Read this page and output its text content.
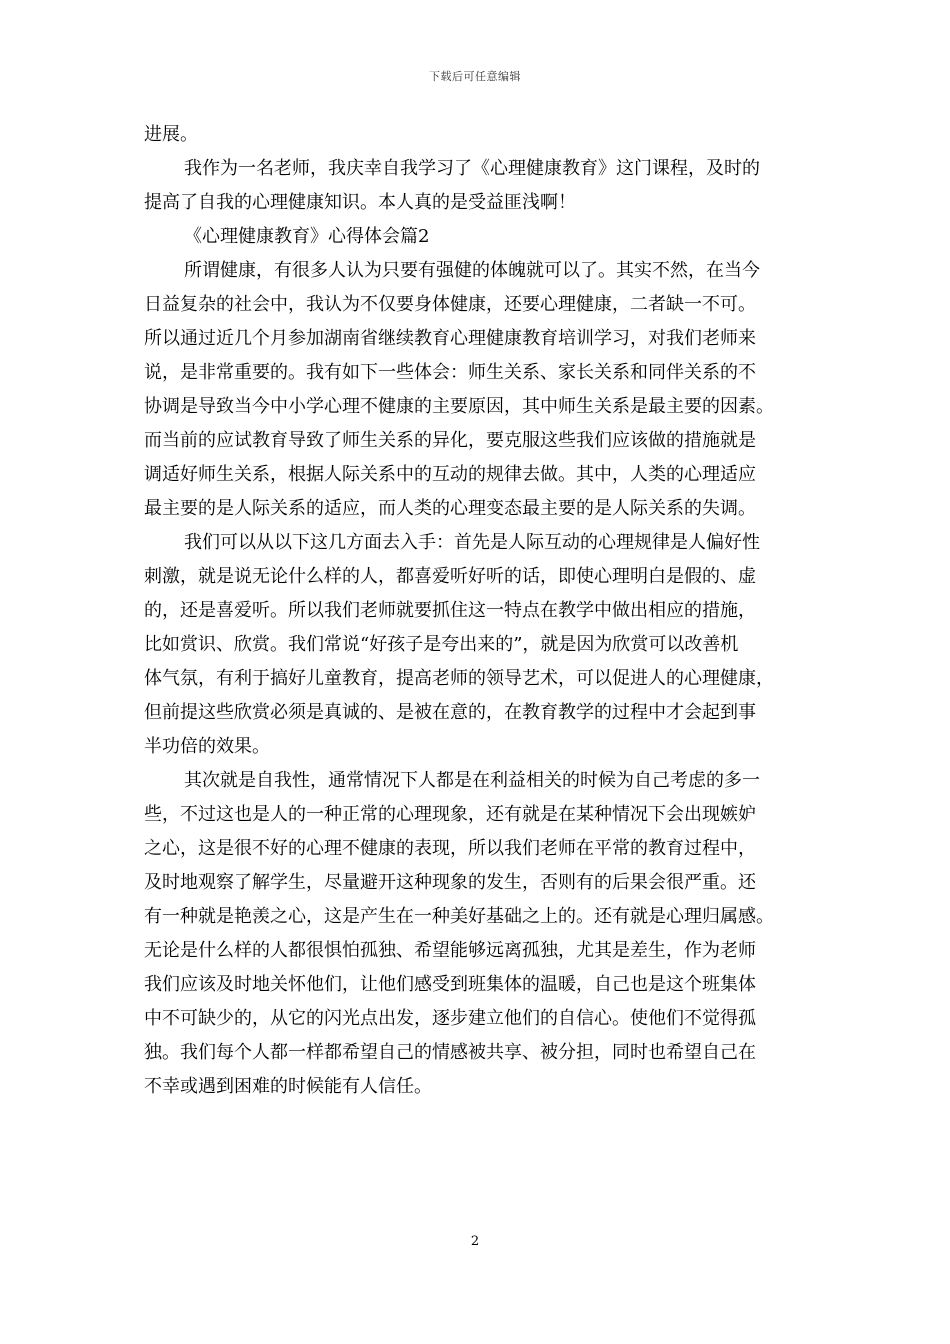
下载后可任意编辑
进展。
我作为一名老师，我庆幸自我学习了《心理健康教育》这门课程，及时的
提高了自我的心理健康知识。本人真的是受益匪浅啊！
《心理健康教育》心得体会篇2
所谓健康，有很多人认为只要有强健的体魄就可以了。其实不然，在当今
日益复杂的社会中，我认为不仅要身体健康，还要心理健康，二者缺一不可。
所以通过近几个月参加湖南省继续教育心理健康教育培训学习，对我们老师来
说，是非常重要的。我有如下一些体会：师生关系、家长关系和同伴关系的不
协调是导致当今中小学心理不健康的主要原因，其中师生关系是最主要的因素。
而当前的应试教育导致了师生关系的异化，要克服这些我们应该做的措施就是
调适好师生关系，根据人际关系中的互动的规律去做。其中，人类的心理适应
最主要的是人际关系的适应，而人类的心理变态最主要的是人际关系的失调。
我们可以从以下这几方面去入手：首先是人际互动的心理规律是人偏好性
刺激，就是说无论什么样的人，都喜爱听好听的话，即使心理明白是假的、虚
的，还是喜爱听。所以我们老师就要抓住这一特点在教学中做出相应的措施，
比如赏识、欣赏。我们常说“好孩子是夸出来的”，就是因为欣赏可以改善机
体气氛，有利于搞好儿童教育，提高老师的领导艺术，可以促进人的心理健康，
但前提这些欣赏必须是真诚的、是被在意的，在教育教学的过程中才会起到事
半功倍的效果。
其次就是自我性，通常情况下人都是在利益相关的时候为自己考虑的多一
些，不过这也是人的一种正常的心理现象，还有就是在某种情况下会出现嫉妒
之心，这是很不好的心理不健康的表现，所以我们老师在平常的教育过程中，
及时地观察了解学生，尽量避开这种现象的发生，否则有的后果会很严重。还
有一种就是艳羡之心，这是产生在一种美好基础之上的。还有就是心理归属感。
无论是什么样的人都很惧怕孤独、希望能够远离孤独，尤其是差生，作为老师
我们应该及时地关怀他们，让他们感受到班集体的温暖，自己也是这个班集体
中不可缺少的，从它的闪光点出发，逐步建立他们的自信心。使他们不觉得孤
独。我们每个人都一样都希望自己的情感被共享、被分担，同时也希望自己在
不幸或遇到困难的时候能有人信任。
2
